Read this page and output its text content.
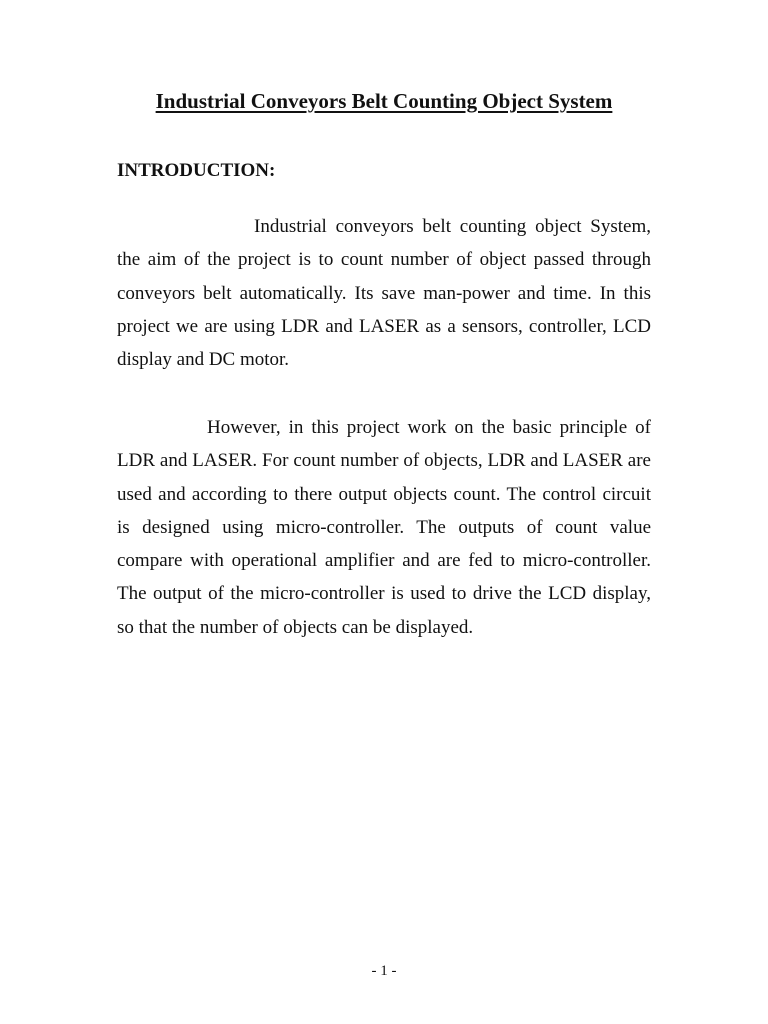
Industrial Conveyors Belt Counting Object System
INTRODUCTION:

Industrial conveyors belt counting object System, the aim of the project is to count number of object passed through conveyors belt automatically. Its save man-power and time. In this project we are using LDR and LASER as a sensors, controller, LCD display and DC motor.

However, in this project work on the basic principle of LDR and LASER. For count number of objects, LDR and LASER are used and according to there output objects count. The control circuit is designed using micro-controller. The outputs of count value compare with operational amplifier and are fed to micro-controller. The output of the micro-controller is used to drive the LCD display, so that the number of objects can be displayed.

- 1 -
